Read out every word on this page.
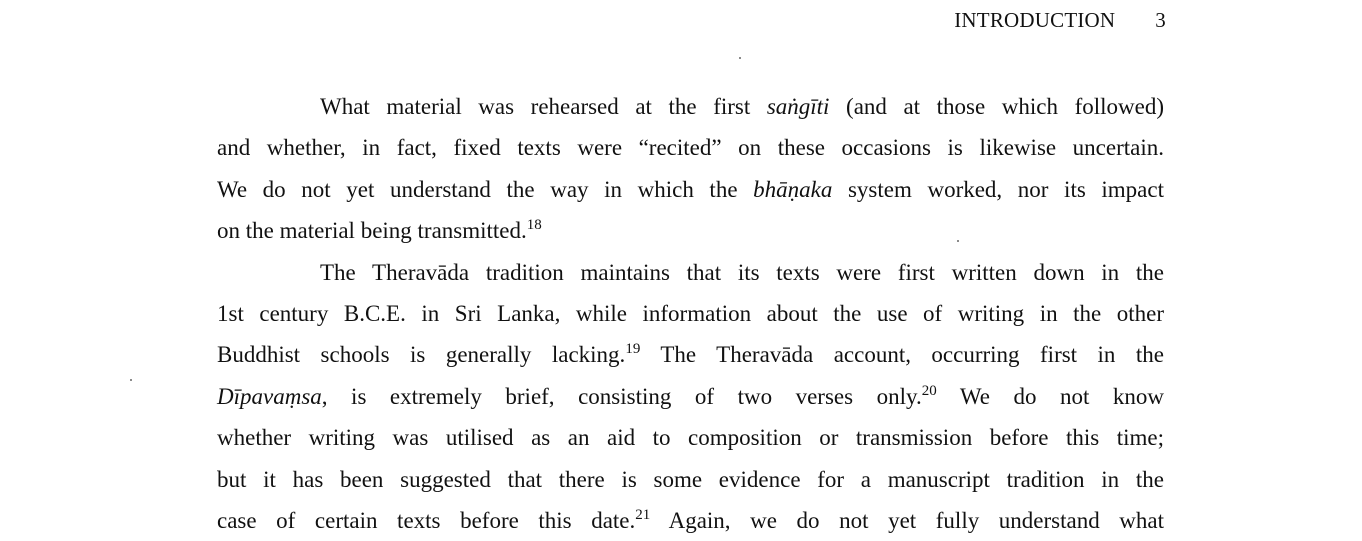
INTRODUCTION 3
What material was rehearsed at the first saṅgīti (and at those which followed)
and whether, in fact, fixed texts were “recited” on these occasions is likewise uncertain.
We do not yet understand the way in which the bhāṇaka system worked, nor its impact
on the material being transmitted.$^{18}$
The Theravāda tradition maintains that its texts were first written down in the
1st century B.C.E. in Sri Lanka, while information about the use of writing in the other
Buddhist schools is generally lacking.$^{19}$ The Theravāda account, occurring first in the
Dīpavaṃsa, is extremely brief, consisting of two verses only.$^{20}$ We do not know
whether writing was utilised as an aid to composition or transmission before this time;
but it has been suggested that there is some evidence for a manuscript tradition in the
case of certain texts before this date.$^{21}$ Again, we do not yet fully understand what
